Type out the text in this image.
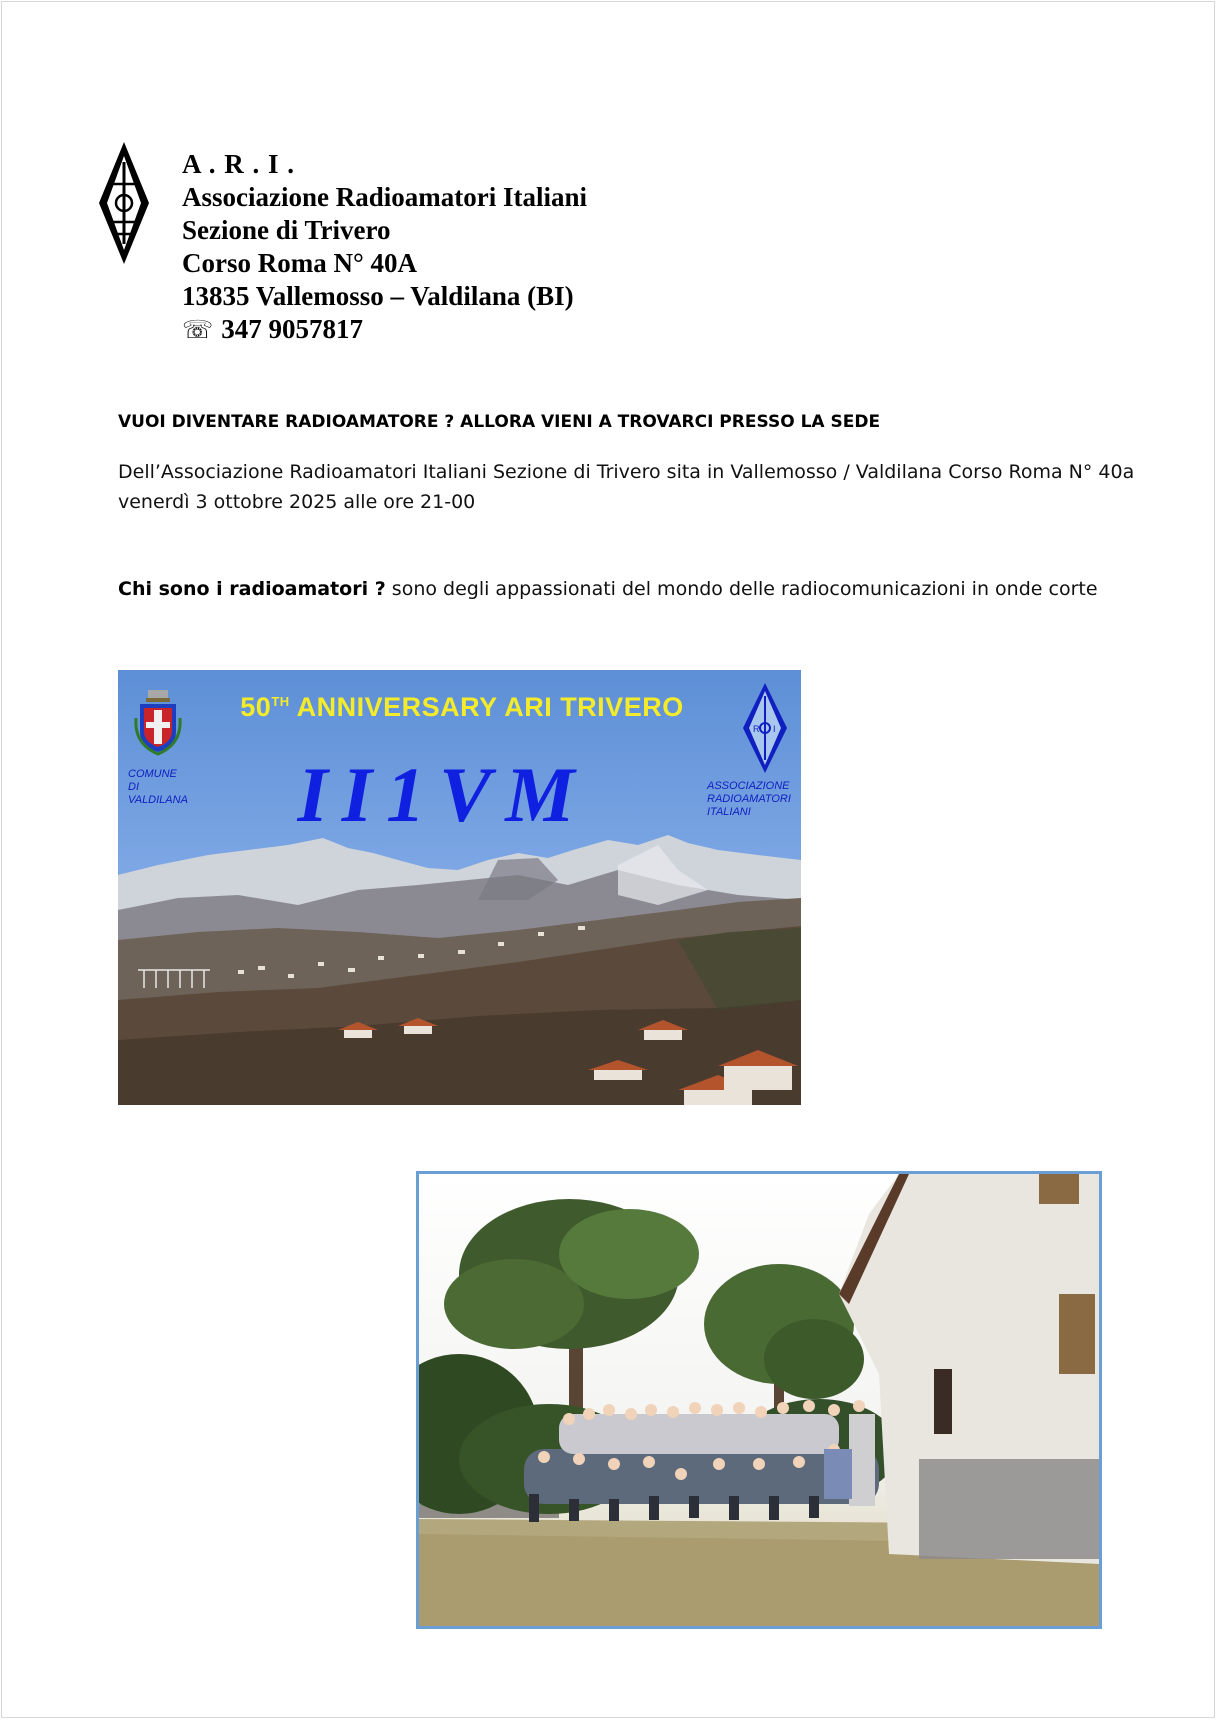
A . R . I .
Associazione Radioamatori Italiani
Sezione di Trivero
Corso Roma N° 40A
13835 Vallemosso – Valdilana (BI)
☏ 347 9057817
VUOI DIVENTARE RADIOAMATORE ? ALLORA VIENI A TROVARCI PRESSO LA SEDE
Dell’Associazione Radioamatori Italiani Sezione di Trivero sita in Vallemosso / Valdilana Corso Roma N° 40a
venerdì 3 ottobre 2025 alle ore 21-00
Chi sono i radioamatori ? sono degli appassionati del mondo delle radiocomunicazioni in onde corte
R I
50TH ANNIVERSARY ARI TRIVERO
II1VM
COMUNE
DI
VALDILANA
ASSOCIAZIONE
RADIOAMATORI
ITALIANI
